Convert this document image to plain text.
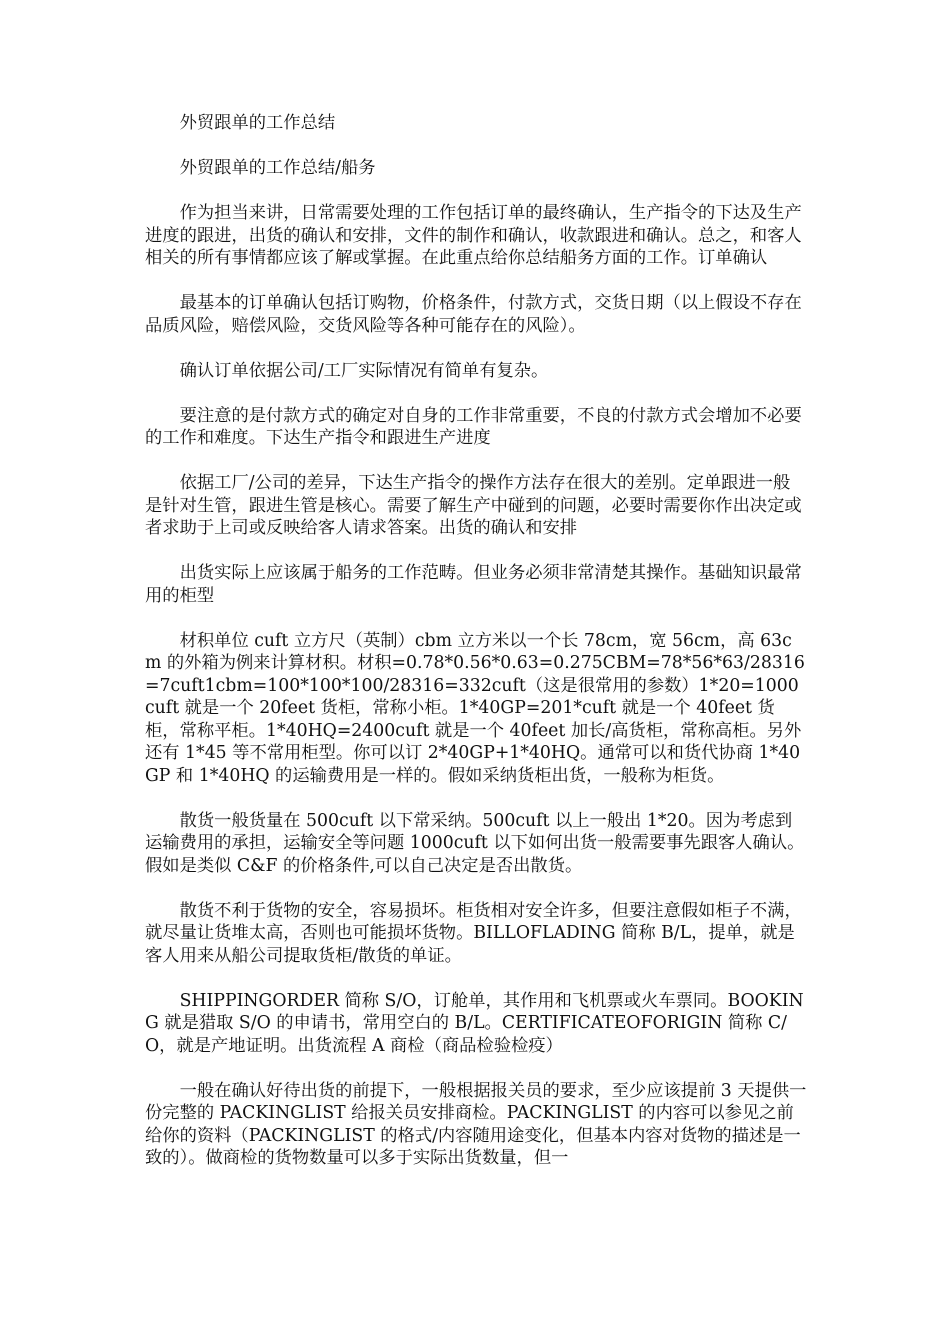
外贸跟单的工作总结

外贸跟单的工作总结/船务

作为担当来讲，日常需要处理的工作包括订单的最终确认，生产指令的下达及生产进度的跟进，出货的确认和安排，文件的制作和确认，收款跟进和确认。总之，和客人相关的所有事情都应该了解或掌握。在此重点给你总结船务方面的工作。订单确认

最基本的订单确认包括订购物，价格条件，付款方式，交货日期（以上假设不存在品质风险，赔偿风险，交货风险等各种可能存在的风险）。

确认订单依据公司/工厂实际情况有简单有复杂。

要注意的是付款方式的确定对自身的工作非常重要，不良的付款方式会增加不必要的工作和难度。下达生产指令和跟进生产进度

依据工厂/公司的差异，下达生产指令的操作方法存在很大的差别。定单跟进一般是针对生管，跟进生管是核心。需要了解生产中碰到的问题，必要时需要你作出决定或者求助于上司或反映给客人请求答案。出货的确认和安排

出货实际上应该属于船务的工作范畴。但业务必须非常清楚其操作。基础知识最常用的柜型

材积单位 cuft 立方尺（英制）cbm 立方米以一个长 78cm，宽 56cm，高 63cm 的外箱为例来计算材积。材积=0.78*0.56*0.63=0.275CBM=78*56*63/28316=7cuft1cbm=100*100*100/28316=332cuft（这是很常用的参数）1*20=1000cuft 就是一个 20feet 货柜，常称小柜。1*40GP=201*cuft 就是一个 40feet 货柜，常称平柜。1*40HQ=2400cuft 就是一个 40feet 加长/高货柜，常称高柜。另外还有 1*45 等不常用柜型。你可以订 2*40GP+1*40HQ。通常可以和货代协商 1*40GP 和 1*40HQ 的运输费用是一样的。假如采纳货柜出货，一般称为柜货。

散货一般货量在 500cuft 以下常采纳。500cuft 以上一般出 1*20。因为考虑到运输费用的承担，运输安全等问题 1000cuft 以下如何出货一般需要事先跟客人确认。假如是类似 C&F 的价格条件,可以自己决定是否出散货。

散货不利于货物的安全，容易损坏。柜货相对安全许多，但要注意假如柜子不满，就尽量让货堆太高，否则也可能损坏货物。BILLOFLADING 简称 B/L，提单，就是客人用来从船公司提取货柜/散货的单证。

SHIPPINGORDER 简称 S/O，订舱单，其作用和飞机票或火车票同。BOOKING 就是猎取 S/O 的申请书，常用空白的 B/L。CERTIFICATEOFORIGIN 简称 C/O，就是产地证明。出货流程 A 商检（商品检验检疫）

一般在确认好待出货的前提下，一般根据报关员的要求，至少应该提前 3 天提供一份完整的 PACKINGLIST 给报关员安排商检。PACKINGLIST 的内容可以参见之前给你的资料（PACKINGLIST 的格式/内容随用途变化，但基本内容对货物的描述是一致的）。做商检的货物数量可以多于实际出货数量，但一
